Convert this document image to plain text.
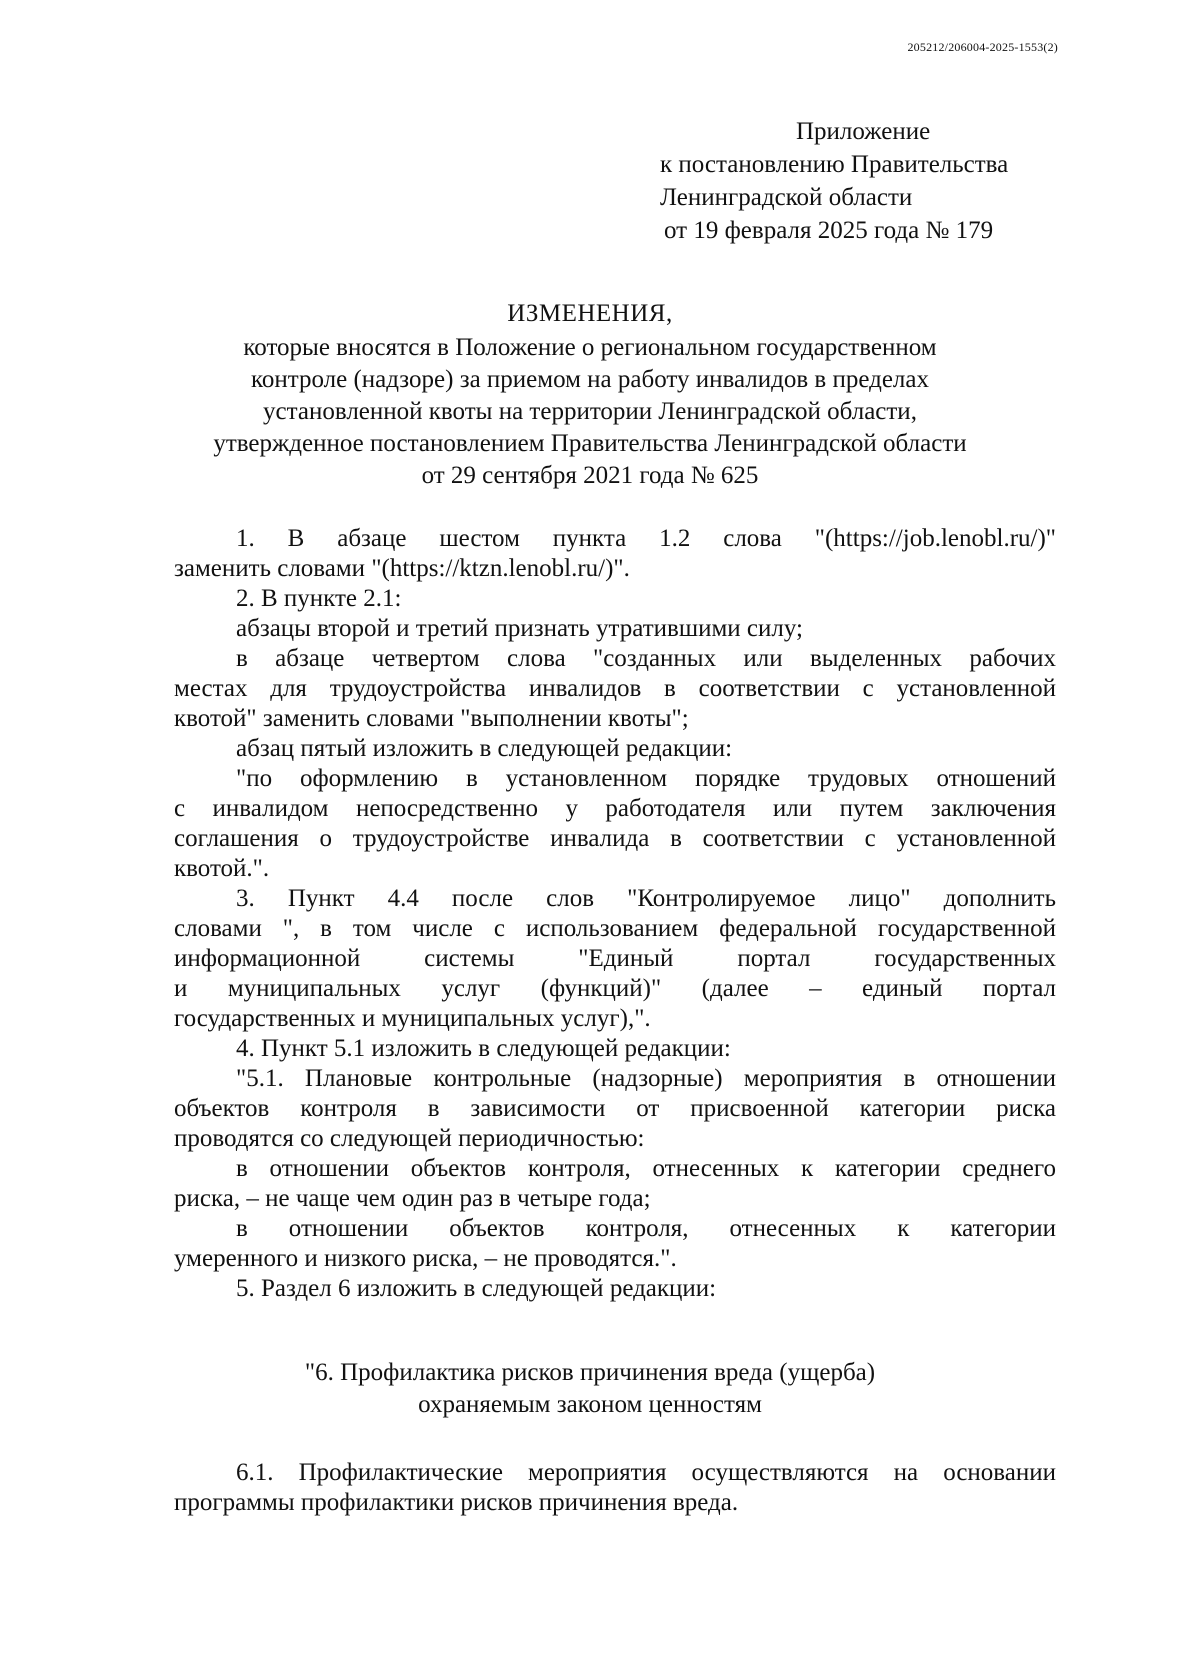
205212/206004-2025-1553(2)
Приложение
к постановлению Правительства
Ленинградской области
от 19 февраля 2025 года № 179
ИЗМЕНЕНИЯ,
которые вносятся в Положение о региональном государственном
контроле (надзоре) за приемом на работу инвалидов в пределах
установленной квоты на территории Ленинградской области,
утвержденное постановлением Правительства Ленинградской области
от 29 сентября 2021 года № 625

1. В абзаце шестом пункта 1.2 слова "(https://job.lenobl.ru/)"

заменить словами "(https://ktzn.lenobl.ru/)".

2. В пункте 2.1:

абзацы второй и третий признать утратившими силу;

в абзаце четвертом слова "созданных или выделенных рабочих

местах для трудоустройства инвалидов в соответствии с установленной

квотой" заменить словами "выполнении квоты";

абзац пятый изложить в следующей редакции:

"по оформлению в установленном порядке трудовых отношений

с инвалидом непосредственно у работодателя или путем заключения

соглашения о трудоустройстве инвалида в соответствии с установленной

квотой.".

3. Пункт 4.4 после слов "Контролируемое лицо" дополнить

словами ", в том числе с использованием федеральной государственной

информационной системы "Единый портал государственных

и муниципальных услуг (функций)" (далее – единый портал

государственных и муниципальных услуг),".

4. Пункт 5.1 изложить в следующей редакции:

"5.1. Плановые контрольные (надзорные) мероприятия в отношении

объектов контроля в зависимости от присвоенной категории риска

проводятся со следующей периодичностью:

в отношении объектов контроля, отнесенных к категории среднего

риска, – не чаще чем один раз в четыре года;

в отношении объектов контроля, отнесенных к категории

умеренного и низкого риска, – не проводятся.".

5. Раздел 6 изложить в следующей редакции:

"6. Профилактика рисков причинения вреда (ущерба)
охраняемым законом ценностям

6.1. Профилактические мероприятия осуществляются на основании

программы профилактики рисков причинения вреда.
